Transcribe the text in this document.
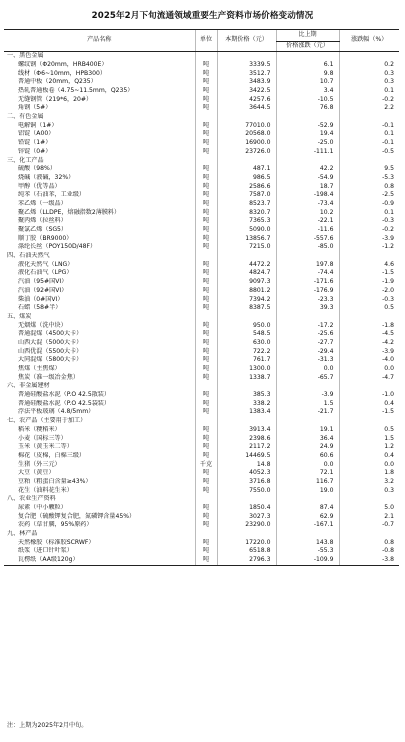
2025年2月下旬流通领域重要生产资料市场价格变动情况
产品名称	单位	本期价格（元）	比上期	涨跌幅（%）
			价格涨跌（元）	
一、黑色金属				
螺纹钢（Φ20mm，HRB400E）	吨	3339.5	6.1	0.2
线材（Φ6~10mm，HPB300）	吨	3512.7	9.8	0.3
普通中板（20mm，Q235）	吨	3483.9	10.7	0.3
热轧普通板卷（4.75~11.5mm，Q235）	吨	3422.5	3.4	0.1
无缝钢管（219*6，20#）	吨	4257.6	-10.5	-0.2
角钢（5#）	吨	3644.5	76.8	2.2
二、有色金属				
电解铜（1#）	吨	77010.0	-52.9	-0.1
铝锭（A00）	吨	20568.0	19.4	0.1
铅锭（1#）	吨	16900.0	-25.0	-0.1
锌锭（0#）	吨	23726.0	-111.1	-0.5
三、化工产品				
硫酸（98%）	吨	487.1	42.2	9.5
烧碱（液碱，32%）	吨	986.5	-54.9	-5.3
甲醇（优等品）	吨	2586.6	18.7	0.8
纯苯（石油苯，工业级）	吨	7587.0	-198.4	-2.5
苯乙烯（一级品）	吨	8523.7	-73.4	-0.9
聚乙烯（LLDPE，熔融指数2薄膜料）	吨	8320.7	10.2	0.1
聚丙烯（拉丝料）	吨	7365.3	-22.1	-0.3
聚氯乙烯（SG5）	吨	5090.0	-11.6	-0.2
顺丁胶（BR9000）	吨	13856.7	-557.6	-3.9
涤纶长丝（POY150D/48F）	吨	7215.0	-85.0	-1.2
四、石油天然气				
液化天然气（LNG）	吨	4472.2	197.8	4.6
液化石油气（LPG）	吨	4824.7	-74.4	-1.5
汽油（95#国VI）	吨	9097.3	-171.6	-1.9
汽油（92#国VI）	吨	8801.2	-176.9	-2.0
柴油（0#国VI）	吨	7394.2	-23.3	-0.3
石蜡（58#半）	吨	8387.5	39.3	0.5
五、煤炭				
无烟煤（洗中块）	吨	950.0	-17.2	-1.8
普通混煤（4500大卡）	吨	548.5	-25.6	-4.5
山西大混（5000大卡）	吨	630.0	-27.7	-4.2
山西优混（5500大卡）	吨	722.2	-29.4	-3.9
大同混煤（5800大卡）	吨	761.7	-31.3	-4.0
焦煤（主焦煤）	吨	1300.0	0.0	0.0
焦炭（准一级冶金焦）	吨	1338.7	-65.7	-4.7
六、非金属建材				
普通硅酸盐水泥（P.O 42.5散装）	吨	385.3	-3.9	-1.0
普通硅酸盐水泥（P.O 42.5袋装）	吨	338.2	1.5	0.4
浮法平板玻璃（4.8/5mm）	吨	1383.4	-21.7	-1.5
七、农产品（主要用于加工）				
稻米（粳稻米）	吨	3913.4	19.1	0.5
小麦（国标三等）	吨	2398.6	36.4	1.5
玉米（黄玉米二等）	吨	2117.2	24.9	1.2
棉花（皮棉，白棉三级）	吨	14469.5	60.6	0.4
生猪（外三元）	千克	14.8	0.0	0.0
大豆（黄豆）	吨	4052.3	72.1	1.8
豆粕（粗蛋白含量≥43%）	吨	3716.8	116.7	3.2
花生（油料花生米）	吨	7550.0	19.0	0.3
八、农业生产资料				
尿素（中小颗粒）	吨	1850.4	87.4	5.0
复合肥（硫酸钾复合肥，氮磷钾含量45%）	吨	3027.3	62.9	2.1
农药（草甘膦，95%原药）	吨	23290.0	-167.1	-0.7
九、林产品				
天然橡胶（标准胶SCRWF）	吨	17220.0	143.8	0.8
纸浆（进口针叶浆）	吨	6518.8	-55.3	-0.8
瓦楞纸（AA级120g）	吨	2796.3	-109.9	-3.8
注：上期为2025年2月中旬。
